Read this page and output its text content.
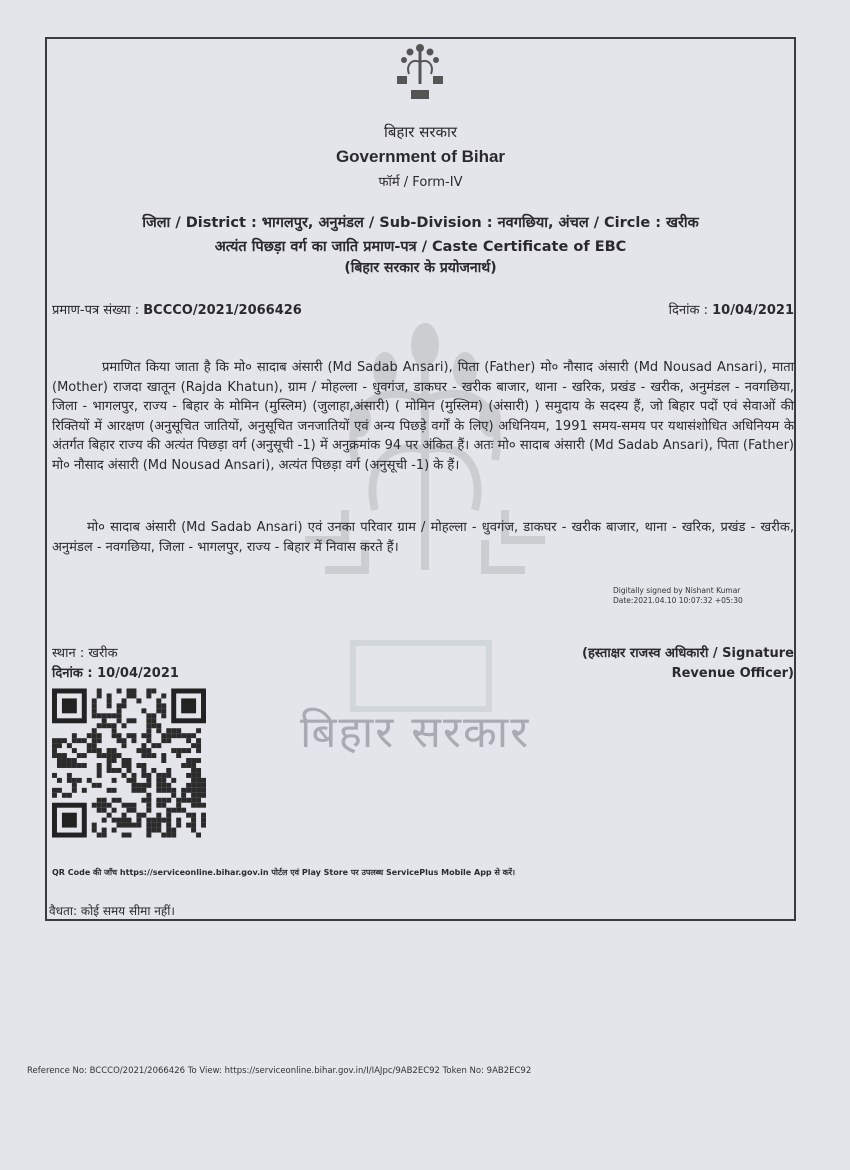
बिहार सरकार
बिहार सरकार
Government of Bihar
फॉर्म / Form-IV
जिला / District : भागलपुर, अनुमंडल / Sub-Division : नवगछिया, अंचल / Circle : खरीक
अत्यंत पिछड़ा वर्ग का जाति प्रमाण-पत्र / Caste Certificate of EBC
(बिहार सरकार के प्रयोजनार्थ)
प्रमाण-पत्र संख्या : BCCCO/2021/2066426	दिनांक : 10/04/2021
प्रमाणित किया जाता है कि मो० सादाब अंसारी (Md Sadab Ansari), पिता (Father) मो० नौसाद अंसारी (Md Nousad Ansari), माता (Mother) राजदा खातून (Rajda Khatun), ग्राम / मोहल्ला - धुवगंज, डाकघर - खरीक बाजार, थाना - खरिक, प्रखंड - खरीक, अनुमंडल - नवगछिया, जिला - भागलपुर, राज्य - बिहार के मोमिन (मुस्लिम) (जुलाहा,अंसारी) ( मोमिन (मुस्लिम) (अंसारी) ) समुदाय के सदस्य हैं, जो बिहार पदों एवं सेवाओं की रिक्तियों में आरक्षण (अनुसूचित जातियों, अनुसूचित जनजातियों एवं अन्य पिछड़े वर्गों के लिए) अधिनियम, 1991 समय-समय पर यथासंशोधित अधिनियम के अंतर्गत बिहार राज्य की अत्यंत पिछड़ा वर्ग (अनुसूची -1) में अनुक्रमांक 94 पर अंकित हैं। अतः मो० सादाब अंसारी (Md Sadab Ansari), पिता (Father) मो० नौसाद अंसारी (Md Nousad Ansari), अत्यंत पिछड़ा वर्ग (अनुसूची -1) के हैं।
मो० सादाब अंसारी (Md Sadab Ansari) एवं उनका परिवार ग्राम / मोहल्ला - धुवगंज, डाकघर - खरीक बाजार, थाना - खरिक, प्रखंड - खरीक, अनुमंडल - नवगछिया, जिला - भागलपुर, राज्य - बिहार में निवास करते हैं।
Digitally signed by Nishant Kumar
Date:2021.04.10 10:07:32 +05:30
स्थान : खरीक
दिनांक : 10/04/2021
(हस्ताक्षर राजस्व अधिकारी / Signature
Revenue Officer)
QR Code की जाँच https://serviceonline.bihar.gov.in पोर्टल एवं Play Store पर उपलब्ध ServicePlus Mobile App से करें।
वैधता: कोई समय सीमा नहीं।
Reference No: BCCCO/2021/2066426 To View: https://serviceonline.bihar.gov.in/I/IAJpc/9AB2EC92 Token No: 9AB2EC92
